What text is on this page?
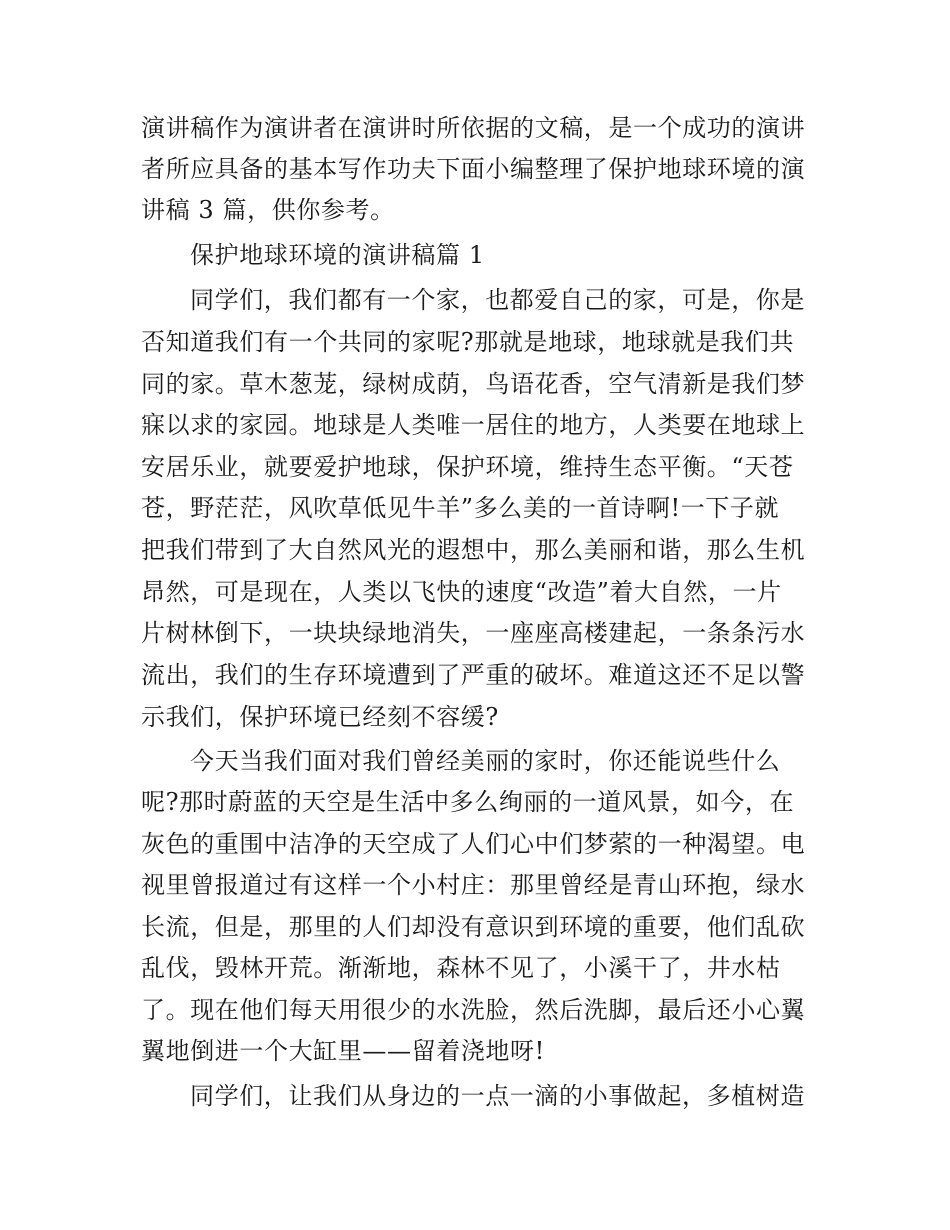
演讲稿作为演讲者在演讲时所依据的文稿，是一个成功的演讲
者所应具备的基本写作功夫下面小编整理了保护地球环境的演
讲稿 3 篇，供你参考。
保护地球环境的演讲稿篇 1
同学们，我们都有一个家，也都爱自己的家，可是，你是
否知道我们有一个共同的家呢?那就是地球，地球就是我们共
同的家。草木葱茏，绿树成荫，鸟语花香，空气清新是我们梦
寐以求的家园。地球是人类唯一居住的地方，人类要在地球上
安居乐业，就要爱护地球，保护环境，维持生态平衡。“天苍
苍，野茫茫，风吹草低见牛羊”多么美的一首诗啊!一下子就
把我们带到了大自然风光的遐想中，那么美丽和谐，那么生机
昂然，可是现在，人类以飞快的速度“改造”着大自然，一片
片树林倒下，一块块绿地消失，一座座高楼建起，一条条污水
流出，我们的生存环境遭到了严重的破坏。难道这还不足以警
示我们，保护环境已经刻不容缓?
今天当我们面对我们曾经美丽的家时，你还能说些什么
呢?那时蔚蓝的天空是生活中多么绚丽的一道风景，如今，在
灰色的重围中洁净的天空成了人们心中们梦萦的一种渴望。电
视里曾报道过有这样一个小村庄：那里曾经是青山环抱，绿水
长流，但是，那里的人们却没有意识到环境的重要，他们乱砍
乱伐，毁林开荒。渐渐地，森林不见了，小溪干了，井水枯
了。现在他们每天用很少的水洗脸，然后洗脚，最后还小心翼
翼地倒进一个大缸里——留着浇地呀!
同学们，让我们从身边的一点一滴的小事做起，多植树造
